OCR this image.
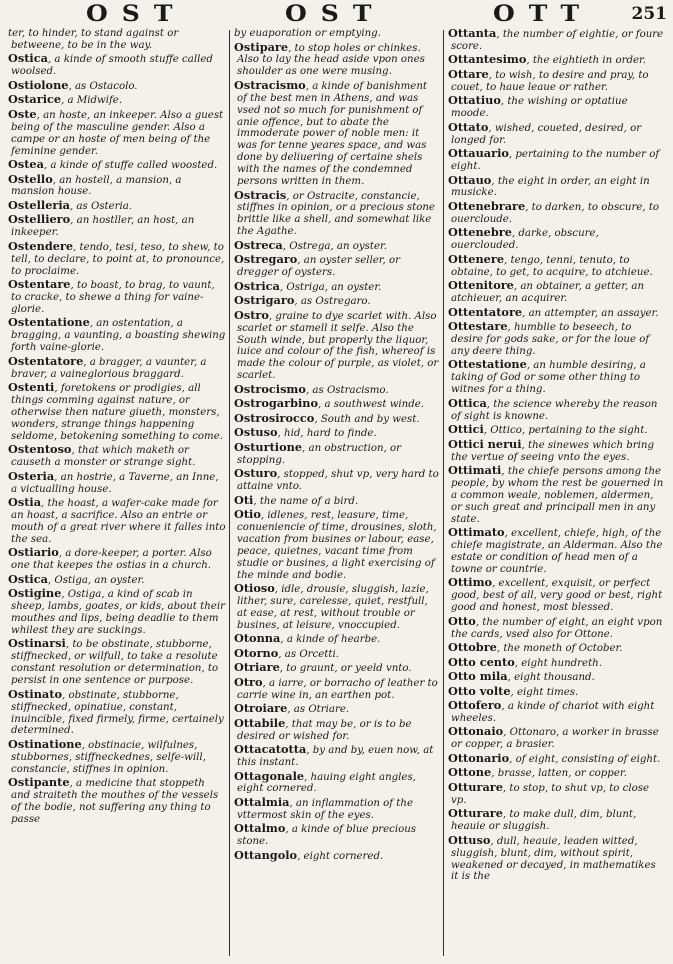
OST	OST	OTT 251

ter, to hinder, to stand against or betweene, to be in the way.

Ostica, a kinde of smooth stuffe called woolsed.

Ostiolone, as Ostacolo.

Ostarice, a Midwife.

Oste, an hoste, an inkeeper. Also a guest being of the masculine gender. Also a campe or an hoste of men being of the feminine gender.

Ostea, a kinde of stuffe called woosted.

Ostello, an hostell, a mansion, a mansion house.

Ostelleria, as Osteria.

Ostelliero, an hostller, an host, an inkeeper.

Ostendere, tendo, tesi, teso, to shew, to tell, to declare, to point at, to pronounce, to proclaime.

Ostentare, to boast, to brag, to vaunt, to cracke, to shewe a thing for vaine-glorie.

Ostentatione, an ostentation, a bragging, a vaunting, a boasting shewing forth vaine-glorie.

Ostentatore, a bragger, a vaunter, a braver, a vaineglorious braggard.

Ostenti, foretokens or prodigies, all things comming against nature, or otherwise then nature giueth, monsters, wonders, strange things happening seldome, betokening something to come.

Ostentoso, that which maketh or causeth a monster or strange sight.

Osteria, an hostrie, a Taverne, an Inne, a victualling house.

Ostia, the hoast, a wafer-cake made for an hoast, a sacrifice. Also an entrie or mouth of a great river where it falles into the sea.

Ostiario, a dore-keeper, a porter. Also one that keepes the ostias in a church.

Ostica, Ostiga, an oyster.

Ostigine, Ostiga, a kind of scab in sheep, lambs, goates, or kids, about their mouthes and lips, being deadlie to them whilest they are suckings.

Ostinarsi, to be obstinate, stubborne, stiffnecked, or wilfull, to take a resolute constant resolution or determination, to persist in one sentence or purpose.

Ostinato, obstinate, stubborne, stiffnecked, opinatiue, constant, inuincible, fixed firmely, firme, certainely determined.

Ostinatione, obstinacie, wilfulnes, stubbornes, stiffneckednes, selfe-will, constancie, stiffnes in opinion.

Ostipante, a medicine that stoppeth and straiteth the mouthes of the vessels of the bodie, not suffering any thing to passe

by euaporation or emptying.

Ostipare, to stop holes or chinkes. Also to lay the head aside vpon ones shoulder as one were musing.

Ostracismo, a kinde of banishment of the best men in Athens, and was vsed not so much for punishment of anie offence, but to abate the immoderate power of noble men: it was for tenne yeares space, and was done by deliuering of certaine shels with the names of the condemned persons written in them.

Ostracis, or Ostracite, constancie, stiffnes in opinion, or a precious stone brittle like a shell, and somewhat like the Agathe.

Ostreca, Ostrega, an oyster.

Ostregaro, an oyster seller, or dregger of oysters.

Ostrica, Ostriga, an oyster.

Ostrigaro, as Ostregaro.

Ostro, graine to dye scarlet with. Also scarlet or stamell it selfe. Also the South winde, but properly the liquor, iuice and colour of the fish, whereof is made the colour of purple, as violet, or scarlet.

Ostrocismo, as Ostracismo.

Ostrogarbino, a southwest winde.

Ostrosirocco, South and by west.

Ostuso, hid, hard to finde.

Osturtione, an obstruction, or stopping.

Osturo, stopped, shut vp, very hard to attaine vnto.

Oti, the name of a bird.

Otio, idlenes, rest, leasure, time, conueniencie of time, drousines, sloth, vacation from busines or labour, ease, peace, quietnes, vacant time from studie or busines, a light exercising of the minde and bodie.

Otioso, idle, drousie, sluggish, lazie, lither, sure, carelesse, quiet, restfull, at ease, at rest, without trouble or busines, at leisure, vnoccupied.

Otonna, a kinde of hearbe.

Otorno, as Orcetti.

Otriare, to graunt, or yeeld vnto.

Otro, a iarre, or borracho of leather to carrie wine in, an earthen pot.

Otroiare, as Otriare.

Ottabile, that may be, or is to be desired or wished for.

Ottacatotta, by and by, euen now, at this instant.

Ottagonale, hauing eight angles, eight cornered.

Ottalmia, an inflammation of the vttermost skin of the eyes.

Ottalmo, a kinde of blue precious stone.

Ottangolo, eight cornered.

Ottanta, the number of eightie, or foure score.

Ottantesimo, the eightieth in order.

Ottare, to wish, to desire and pray, to couet, to haue leaue or rather.

Ottatiuo, the wishing or optatiue moode.

Ottato, wished, coueted, desired, or longed for.

Ottauario, pertaining to the number of eight.

Ottauo, the eight in order, an eight in musicke.

Ottenebrare, to darken, to obscure, to ouercloude.

Ottenebre, darke, obscure, ouerclouded.

Ottenere, tengo, tenni, tenuto, to obtaine, to get, to acquire, to atchieue.

Ottenitore, an obtainer, a getter, an atchieuer, an acquirer.

Ottentatore, an attempter, an assayer.

Ottestare, humblie to beseech, to desire for gods sake, or for the loue of any deere thing.

Ottestatione, an humble desiring, a taking of God or some other thing to witnes for a thing.

Ottica, the science whereby the reason of sight is knowne.

Ottici, Ottico, pertaining to the sight.

Ottici nerui, the sinewes which bring the vertue of seeing vnto the eyes.

Ottimati, the chiefe persons among the people, by whom the rest be gouerned in a common weale, noblemen, aldermen, or such great and principall men in any state.

Ottimato, excellent, chiefe, high, of the chiefe magistrate, an Alderman. Also the estate or condition of head men of a towne or countrie.

Ottimo, excellent, exquisit, or perfect good, best of all, very good or best, right good and honest, most blessed.

Otto, the number of eight, an eight vpon the cards, vsed also for Ottone.

Ottobre, the moneth of October.

Otto cento, eight hundreth.

Otto mila, eight thousand.

Otto volte, eight times.

Ottofero, a kinde of chariot with eight wheeles.

Ottonaio, Ottonaro, a worker in brasse or copper, a brasier.

Ottonario, of eight, consisting of eight.

Ottone, brasse, latten, or copper.

Otturare, to stop, to shut vp, to close vp.

Otturare, to make dull, dim, blunt, heauie or sluggish.

Ottuso, dull, heauie, leaden witted, sluggish, blunt, dim, without spirit, weakened or decayed, in mathematikes it is the
